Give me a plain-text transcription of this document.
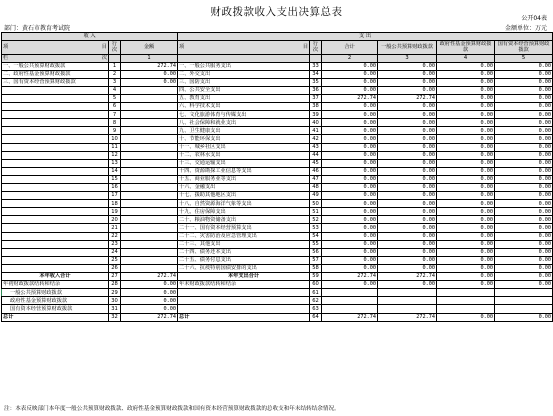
财政拨款收入支出决算总表
公开04表
部门：黄石市教育考试院	金额单位：万元
收 入			支 出					
项 目	行次	金额	项 目	行次	合计	一般公共预算财政拨款	政府性基金预算财政拨款	国有资本经营预算财政拨款
栏 次		1			2	3	4	5
一、一般公共预算财政拨款	1	272.74	一、一般公共服务支出	33	0.00	0.00	0.00	0.00
二、政府性基金预算财政拨款	2	0.00	二、外交支出	34	0.00	0.00	0.00	0.00
三、国有资本经营预算财政拨款	3	0.00	三、国防支出	35	0.00	0.00	0.00	0.00
	4		四、公共安全支出	36	0.00	0.00	0.00	0.00
	5		五、教育支出	37	272.74	272.74	0.00	0.00
	6		六、科学技术支出	38	0.00	0.00	0.00	0.00
	7		七、文化旅游体育与传媒支出	39	0.00	0.00	0.00	0.00
	8		八、社会保障和就业支出	40	0.00	0.00	0.00	0.00
	9		九、卫生健康支出	41	0.00	0.00	0.00	0.00
	10		十、节能环保支出	42	0.00	0.00	0.00	0.00
	11		十一、城乡社区支出	43	0.00	0.00	0.00	0.00
	12		十二、农林水支出	44	0.00	0.00	0.00	0.00
	13		十三、交通运输支出	45	0.00	0.00	0.00	0.00
	14		十四、资源勘探工业信息等支出	46	0.00	0.00	0.00	0.00
	15		十五、商业服务业等支出	47	0.00	0.00	0.00	0.00
	16		十六、金融支出	48	0.00	0.00	0.00	0.00
	17		十七、援助其他地区支出	49	0.00	0.00	0.00	0.00
	18		十八、自然资源海洋气象等支出	50	0.00	0.00	0.00	0.00
	19		十九、住房保障支出	51	0.00	0.00	0.00	0.00
	20		二十、粮油物资储备支出	52	0.00	0.00	0.00	0.00
	21		二十一、国有资本经营预算支出	53	0.00	0.00	0.00	0.00
	22		二十二、灾害防治及应急管理支出	54	0.00	0.00	0.00	0.00
	23		二十三、其他支出	55	0.00	0.00	0.00	0.00
	24		二十四、债务还本支出	56	0.00	0.00	0.00	0.00
	25		二十五、债务付息支出	57	0.00	0.00	0.00	0.00
	26		二十六、抗疫特别国债安排的支出	58	0.00	0.00	0.00	0.00
本年收入合计	27	272.74	本年支出合计	59	272.74	272.74	0.00	0.00
年初财政拨款结转和结余	28	0.00	年末财政拨款结转和结余	60	0.00	0.00	0.00	0.00
一般公共预算财政拨款	29	0.00		61				
政府性基金预算财政拨款	30	0.00		62				
国有资本经营预算财政拨款	31	0.00		63				
总计	32	272.74	总计	64	272.74	272.74	0.00	0.00
注：本表反映部门本年度一般公共预算财政拨款、政府性基金预算财政拨款和国有资本经营预算财政拨款的总收支和年末结转结余情况。
